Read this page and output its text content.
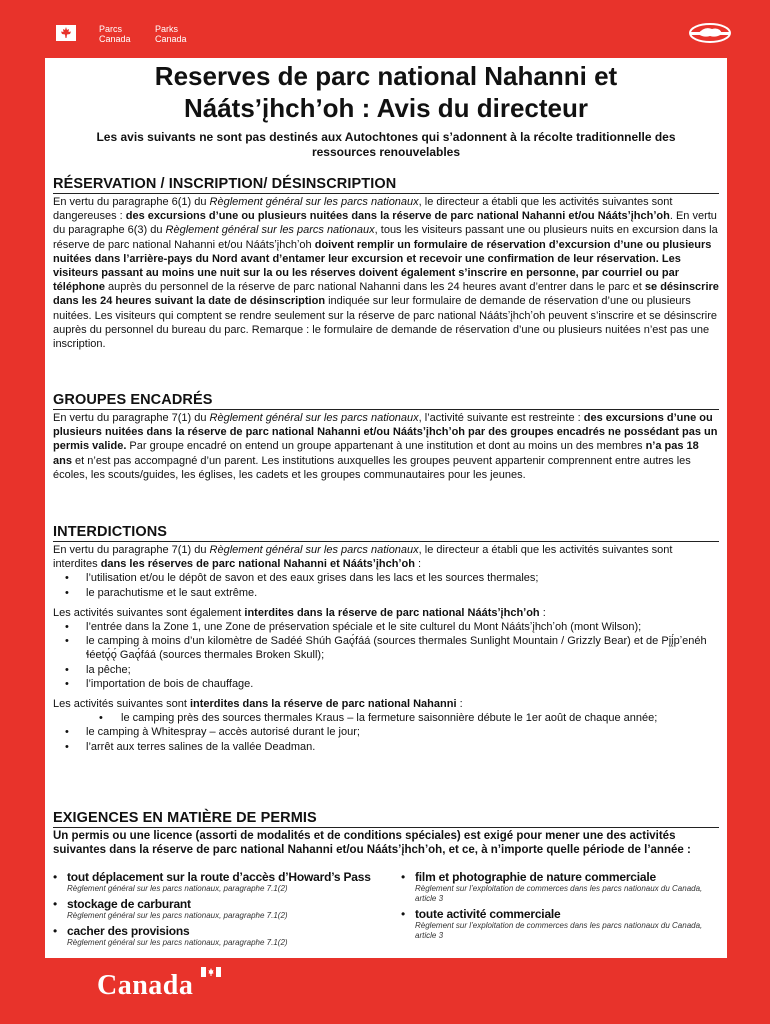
Parcs
Canada
Parks
Canada
Reserves de parc national Nahanni et
Náátsʼįhchʼoh : Avis du directeur
Les avis suivants ne sont pas destinés aux Autochtones qui s’adonnent à la récolte traditionnelle des ressources renouvelables
RÉSERVATION / INSCRIPTION/ DÉSINSCRIPTION

En vertu du paragraphe 6(1) du Règlement général sur les parcs nationaux, le directeur a établi que les activités suivantes sont dangereuses : des excursions d’une ou plusieurs nuitées dans la réserve de parc national Nahanni et/ou Náátsʼįhchʼoh. En vertu du paragraphe 6(3) du Règlement général sur les parcs nationaux, tous les visiteurs passant une ou plusieurs nuits en excursion dans la réserve de parc national Nahanni et/ou Náátsʼįhchʼoh doivent remplir un formulaire de réservation d’excursion d’une ou plusieurs nuitées dans l’arrière-pays du Nord avant d’entamer leur excursion et recevoir une confirmation de leur réservation. Les visiteurs passant au moins une nuit sur la ou les réserves doivent également s’inscrire en personne, par courriel ou par téléphone auprès du personnel de la réserve de parc national Nahanni dans les 24 heures avant d’entrer dans le parc et se désinscrire dans les 24 heures suivant la date de désinscription indiquée sur leur formulaire de demande de réservation d’une ou plusieurs nuitées. Les visiteurs qui comptent se rendre seulement sur la réserve de parc national Náátsʼįhchʼoh peuvent s’inscrire et se désinscrire auprès du personnel du bureau du parc. Remarque : le formulaire de demande de réservation d’une ou plusieurs nuitées n’est pas une inscription.

GROUPES ENCADRÉS

En vertu du paragraphe 7(1) du Règlement général sur les parcs nationaux, l’activité suivante est restreinte : des excursions d’une ou plusieurs nuitées dans la réserve de parc national Nahanni et/ou Náátsʼįhchʼoh par des groupes encadrés ne possédant pas un permis valide. Par groupe encadré on entend un groupe appartenant à une institution et dont au moins un des membres n’a pas 18 ans et n’est pas accompagné d’un parent. Les institutions auxquelles les groupes peuvent appartenir comprennent entre autres les écoles, les scouts/guides, les églises, les cadets et les groupes communautaires pour les jeunes.

INTERDICTIONS

En vertu du paragraphe 7(1) du Règlement général sur les parcs nationaux, le directeur a établi que les activités suivantes sont interdites dans les réserves de parc national Nahanni et Náátsʼįhchʼoh :

• l’utilisation et/ou le dépôt de savon et des eaux grises dans les lacs et les sources thermales;
• le parachutisme et le saut extrême.

Les activités suivantes sont également interdites dans la réserve de parc national Náátsʼįhchʼoh :

• l’entrée dans la Zone 1, une Zone de préservation spéciale et le site culturel du Mont Náátsʼįhchʼoh (mont Wilson);
• le camping à moins d’un kilomètre de Sadéé Shúh Gaǫ́fáá (sources thermales Sunlight Mountain / Grizzly Bear) et de Pįį́pʼenéh ɬéetǫ́ǫ́ Gaǫ́fáá (sources thermales Broken Skull);
• la pêche;
• l’importation de bois de chauffage.

Les activités suivantes sont interdites dans la réserve de parc national Nahanni :

• le camping près des sources thermales Kraus – la fermeture saisonnière débute le 1er août de chaque année;
• le camping à Whitespray – accès autorisé durant le jour;
• l’arrêt aux terres salines de la vallée Deadman.
EXIGENCES EN MATIÈRE DE PERMIS

Un permis ou une licence (assorti de modalités et de conditions spéciales) est exigé pour mener une des activités suivantes dans la réserve de parc national Nahanni et/ou Náátsʼįhchʼoh, et ce, à n’importe quelle période de l’année :

• tout déplacement sur la route d’accès d’Howard’s Pass
Règlement général sur les parcs nationaux, paragraphe 7.1(2)
• stockage de carburant
Règlement général sur les parcs nationaux, paragraphe 7.1(2)
• cacher des provisions
Règlement général sur les parcs nationaux, paragraphe 7.1(2)
• film et photographie de nature commerciale
Règlement sur l’exploitation de commerces dans les parcs nationaux du Canada, article 3
• toute activité commerciale
Règlement sur l’exploitation de commerces dans les parcs nationaux du Canada, article 3
Canada
